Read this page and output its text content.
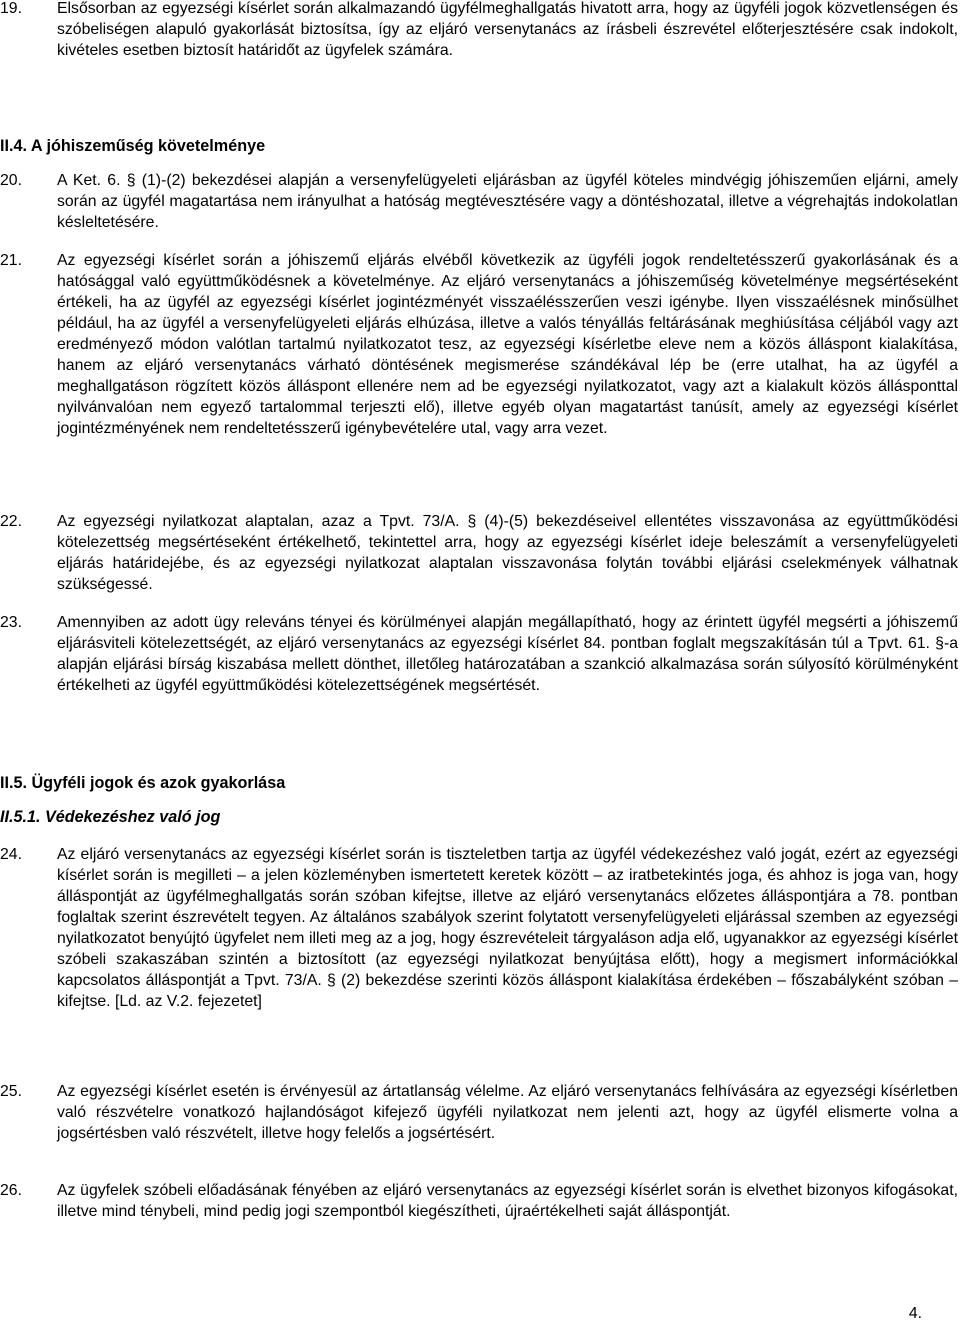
19.	Elsősorban az egyezségi kísérlet során alkalmazandó ügyfélmeghallgatás hivatott arra, hogy az ügyféli jogok közvetlenségen és szóbeliségen alapuló gyakorlását biztosítsa, így az eljáró versenytanács az írásbeli észrevétel előterjesztésére csak indokolt, kivételes esetben biztosít határidőt az ügyfelek számára.
II.4. A jóhiszeműség követelménye
20.	A Ket. 6. § (1)-(2) bekezdései alapján a versenyfelügyeleti eljárásban az ügyfél köteles mindvégig jóhiszeműen eljárni, amely során az ügyfél magatartása nem irányulhat a hatóság megtévesztésére vagy a döntéshozatal, illetve a végrehajtás indokolatlan késleltetésére.
21.	Az egyezségi kísérlet során a jóhiszemű eljárás elvéből következik az ügyféli jogok rendeltetésszerű gyakorlásának és a hatósággal való együttműködésnek a követelménye. Az eljáró versenytanács a jóhiszeműség követelménye megsértéseként értékeli, ha az ügyfél az egyezségi kísérlet jogintézményét visszaélésszerűen veszi igénybe. Ilyen visszaélésnek minősülhet például, ha az ügyfél a versenyfelügyeleti eljárás elhúzása, illetve a valós tényállás feltárásának meghiúsítása céljából vagy azt eredményező módon valótlan tartalmú nyilatkozatot tesz, az egyezségi kísérletbe eleve nem a közös álláspont kialakítása, hanem az eljáró versenytanács várható döntésének megismerése szándékával lép be (erre utalhat, ha az ügyfél a meghallgatáson rögzített közös álláspont ellenére nem ad be egyezségi nyilatkozatot, vagy azt a kialakult közös állásponttal nyilvánvalóan nem egyező tartalommal terjeszti elő), illetve egyéb olyan magatartást tanúsít, amely az egyezségi kísérlet jogintézményének nem rendeltetésszerű igénybevételére utal, vagy arra vezet.
22.	Az egyezségi nyilatkozat alaptalan, azaz a Tpvt. 73/A. § (4)-(5) bekezdéseivel ellentétes visszavonása az együttműködési kötelezettség megsértéseként értékelhető, tekintettel arra, hogy az egyezségi kísérlet ideje beleszámít a versenyfelügyeleti eljárás határidejébe, és az egyezségi nyilatkozat alaptalan visszavonása folytán további eljárási cselekmények válhatnak szükségessé.
23.	Amennyiben az adott ügy releváns tényei és körülményei alapján megállapítható, hogy az érintett ügyfél megsérti a jóhiszemű eljárásviteli kötelezettségét, az eljáró versenytanács az egyezségi kísérlet 84. pontban foglalt megszakításán túl a Tpvt. 61. §-a alapján eljárási bírság kiszabása mellett dönthet, illetőleg határozatában a szankció alkalmazása során súlyosító körülményként értékelheti az ügyfél együttműködési kötelezettségének megsértését.
II.5. Ügyféli jogok és azok gyakorlása
II.5.1. Védekezéshez való jog
24.	Az eljáró versenytanács az egyezségi kísérlet során is tiszteletben tartja az ügyfél védekezéshez való jogát, ezért az egyezségi kísérlet során is megilleti – a jelen közleményben ismertetett keretek között – az iratbetekintés joga, és ahhoz is joga van, hogy álláspontját az ügyfélmeghallgatás során szóban kifejtse, illetve az eljáró versenytanács előzetes álláspontjára a 78. pontban foglaltak szerint észrevételt tegyen. Az általános szabályok szerint folytatott versenyfelügyeleti eljárással szemben az egyezségi nyilatkozatot benyújtó ügyfelet nem illeti meg az a jog, hogy észrevételeit tárgyaláson adja elő, ugyanakkor az egyezségi kísérlet szóbeli szakaszában szintén a biztosított (az egyezségi nyilatkozat benyújtása előtt), hogy a megismert információkkal kapcsolatos álláspontját a Tpvt. 73/A. § (2) bekezdése szerinti közös álláspont kialakítása érdekében – főszabályként szóban – kifejtse. [Ld. az V.2. fejezetet]
25.	Az egyezségi kísérlet esetén is érvényesül az ártatlanság vélelme. Az eljáró versenytanács felhívására az egyezségi kísérletben való részvételre vonatkozó hajlandóságot kifejező ügyféli nyilatkozat nem jelenti azt, hogy az ügyfél elismerte volna a jogsértésben való részvételt, illetve hogy felelős a jogsértésért.
26.	Az ügyfelek szóbeli előadásának fényében az eljáró versenytanács az egyezségi kísérlet során is elvethet bizonyos kifogásokat, illetve mind ténybeli, mind pedig jogi szempontból kiegészítheti, újraértékelheti saját álláspontját.
4.
